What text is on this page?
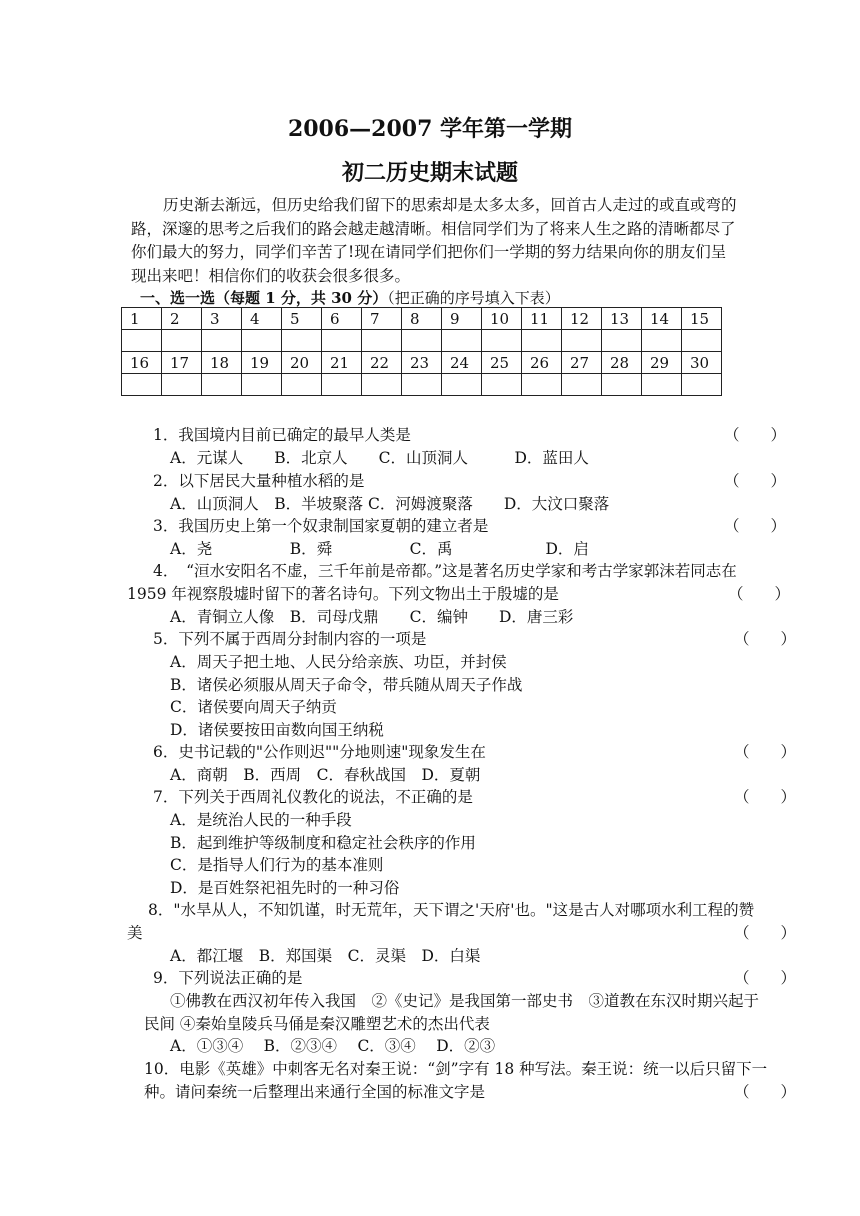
2006—2007 学年第一学期
初二历史期末试题
历史渐去渐远，但历史给我们留下的思索却是太多太多，回首古人走过的或直或弯的路，深邃的思考之后我们的路会越走越清晰。相信同学们为了将来人生之路的清晰都尽了你们最大的努力，同学们辛苦了!现在请同学们把你们一学期的努力结果向你的朋友们呈现出来吧！相信你们的收获会很多很多。
一、选一选（每题 1 分，共 30 分）（把正确的序号填入下表）
1	2	3	4	5	6	7	8	9	10	11	12	13	14	15

16	17	18	19	20	21	22	23	24	25	26	27	28	29	30

1．我国境内目前已确定的最早人类是	（　　）
A．元谋人　　B．北京人　　C．山顶洞人　　　D．蓝田人
2．以下居民大量种植水稻的是	（　　）
A．山顶洞人　B．半坡聚落 C．河姆渡聚落　　D．大汶口聚落
3．我国历史上第一个奴隶制国家夏朝的建立者是	（　　）
A．尧　　　　　B．舜　　　　　C．禹　　　　　　D．启
4．　“洹水安阳名不虚，三千年前是帝都。”这是著名历史学家和考古学家郭沫若同志在
1959 年视察殷墟时留下的著名诗句。下列文物出土于殷墟的是	（　　）
A．青铜立人像　B．司母戊鼎　　C．编钟　　D．唐三彩
5．下列不属于西周分封制内容的一项是	（　　）
A．周天子把土地、人民分给亲族、功臣，并封侯
B．诸侯必须服从周天子命令，带兵随从周天子作战
C．诸侯要向周天子纳贡
D．诸侯要按田亩数向国王纳税
6．史书记载的"公作则迟""分地则速"现象发生在	（　　）
A．商朝　B．西周　C．春秋战国　D．夏朝
7．下列关于西周礼仪教化的说法，不正确的是	（　　）
A．是统治人民的一种手段
B．起到维护等级制度和稳定社会秩序的作用
C．是指导人们行为的基本准则
D．是百姓祭祀祖先时的一种习俗
8．"水旱从人，不知饥谨，时无荒年，天下谓之'天府'也。"这是古人对哪项水利工程的赞
美
A．都江堰　B．郑国渠　C．灵渠　D．白渠
（　　）
9．下列说法正确的是	（　　）
①佛教在西汉初年传入我国　②《史记》是我国第一部史书　③道教在东汉时期兴起于
民间 ④秦始皇陵兵马俑是秦汉雕塑艺术的杰出代表
A．①③④　 B．②③④　 C．③④　 D．②③
10．电影《英雄》中刺客无名对秦王说：“剑”字有 18 种写法。秦王说：统一以后只留下一
种。请问秦统一后整理出来通行全国的标准文字是	（　　）
